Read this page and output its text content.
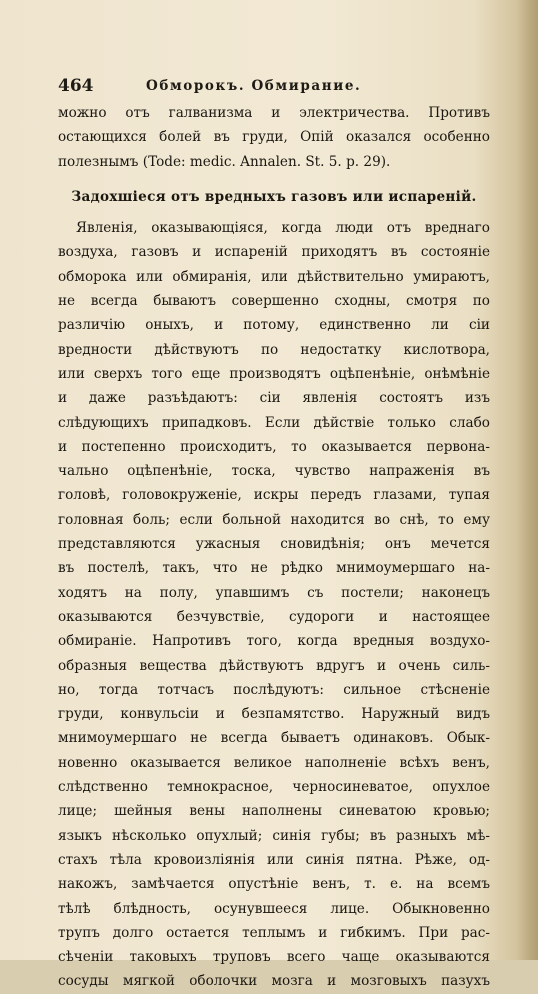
464	Обморокъ. Обмирание.
можно отъ галванизма и электричества. Противъ
остающихся болей въ груди, Опій оказался особенно
полезнымъ (Tode: medic. Annalen. St. 5. p. 29).
Задохшіеся отъ вредныхъ газовъ или испареній.
Явленія, оказывающіяся, когда люди отъ вреднаго
воздуха, газовъ и испареній приходятъ въ состояніе
обморока или обмиранія, или дѣйствительно умираютъ,
не всегда бываютъ совершенно сходны, смотря по
различію оныхъ, и потому, единственно ли сіи
вредности дѣйствуютъ по недостатку кислотвора,
или сверхъ того еще производятъ оцѣпенѣніе, онѣмѣніе
и даже разъѣдаютъ: сіи явленія состоятъ изъ
слѣдующихъ припадковъ. Если дѣйствіе только слабо
и постепенно происходитъ, то оказывается первона-
чально оцѣпенѣніе, тоска, чувство напраженія въ
головѣ, головокруженіе, искры передъ глазами, тупая
головная боль; если больной находится во снѣ, то ему
представляются ужасныя сновидѣнія; онъ мечется
въ постелѣ, такъ, что не рѣдко мнимоумершаго на-
ходятъ на полу, упавшимъ съ постели; наконецъ
оказываются безчувствіе, судороги и настоящее
обмираніе. Напротивъ того, когда вредныя воздухо-
образныя вещества дѣйствуютъ вдругъ и очень силь-
но, тогда тотчасъ послѣдуютъ: сильное стѣсненіе
груди, конвульсіи и безпамятство. Наружный видъ
мнимоумершаго не всегда бываетъ одинаковъ. Обык-
новенно оказывается великое наполненіе всѣхъ венъ,
слѣдственно темнокрасное, черносиневатое, опухлое
лице; шейныя вены наполнены синеватою кровью;
языкъ нѣсколько опухлый; синія губы; въ разныхъ мѣ-
стахъ тѣла кровоизліянія или синія пятна. Рѣже, од-
накожъ, замѣчается опустѣніе венъ, т. е. на всемъ
тѣлѣ блѣдность, осунувшееся лице. Обыкновенно
трупъ долго остается теплымъ и гибкимъ. При рас-
сѣченіи таковыхъ труповъ всего чаще оказываются
сосуды мягкой оболочки мозга и мозговыхъ пазухъ
